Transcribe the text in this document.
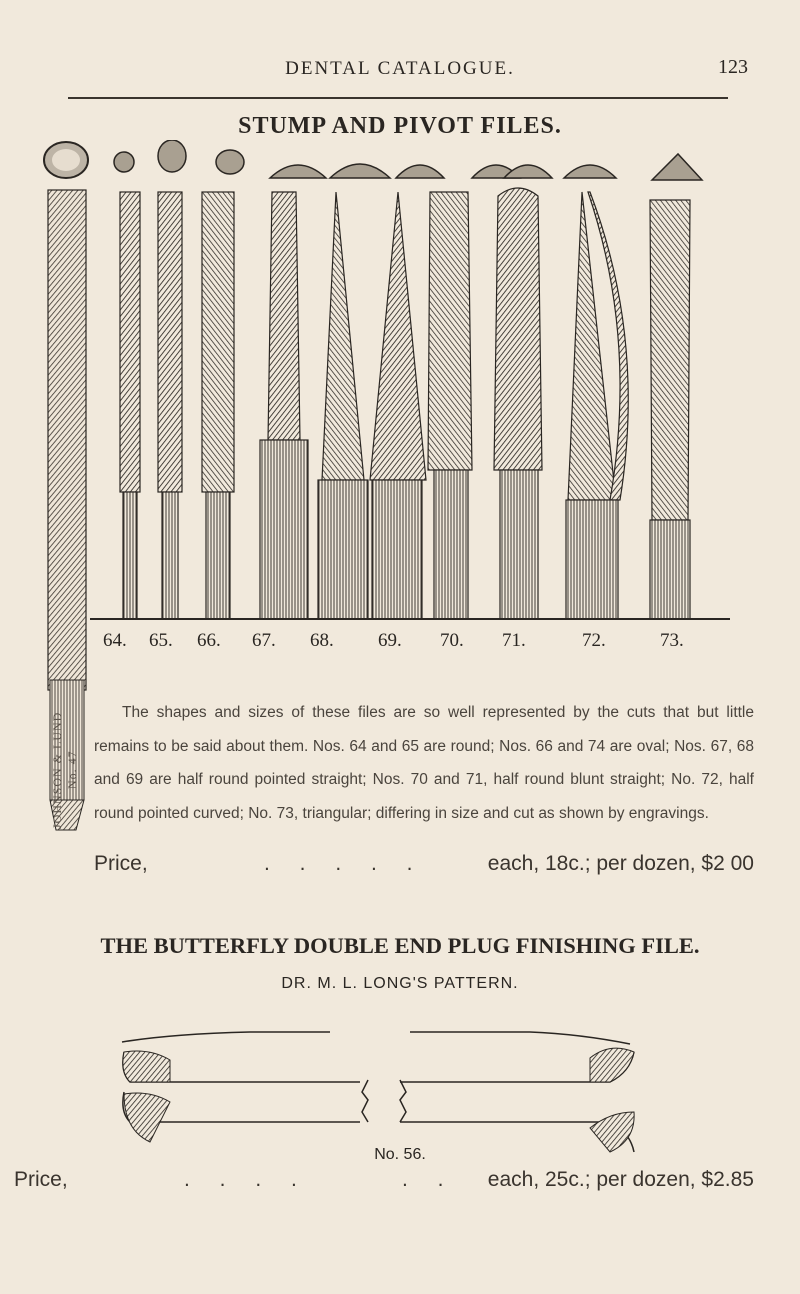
DENTAL CATALOGUE.	123
STUMP AND PIVOT FILES.
JOHNSON & LUND No. 47
64. 65. 66. 67. 68. 69. 70. 71.	72.	73.
The shapes and sizes of these files are so well represented by the cuts that but little remains to be said about them. Nos. 64 and 65 are round; Nos. 66 and 74 are oval; Nos. 67, 68 and 69 are half round pointed straight; Nos. 70 and 71, half round blunt straight; No. 72, half round pointed curved; No. 73, triangular; differing in size and cut as shown by engravings.
Price,	. . . . .	each, 18c.; per dozen, $2 00
THE BUTTERFLY DOUBLE END PLUG FINISHING FILE.
DR. M. L. LONG'S PATTERN.
No. 56.
Price,	. . . .	. . each, 25c.; per dozen, $2.85
